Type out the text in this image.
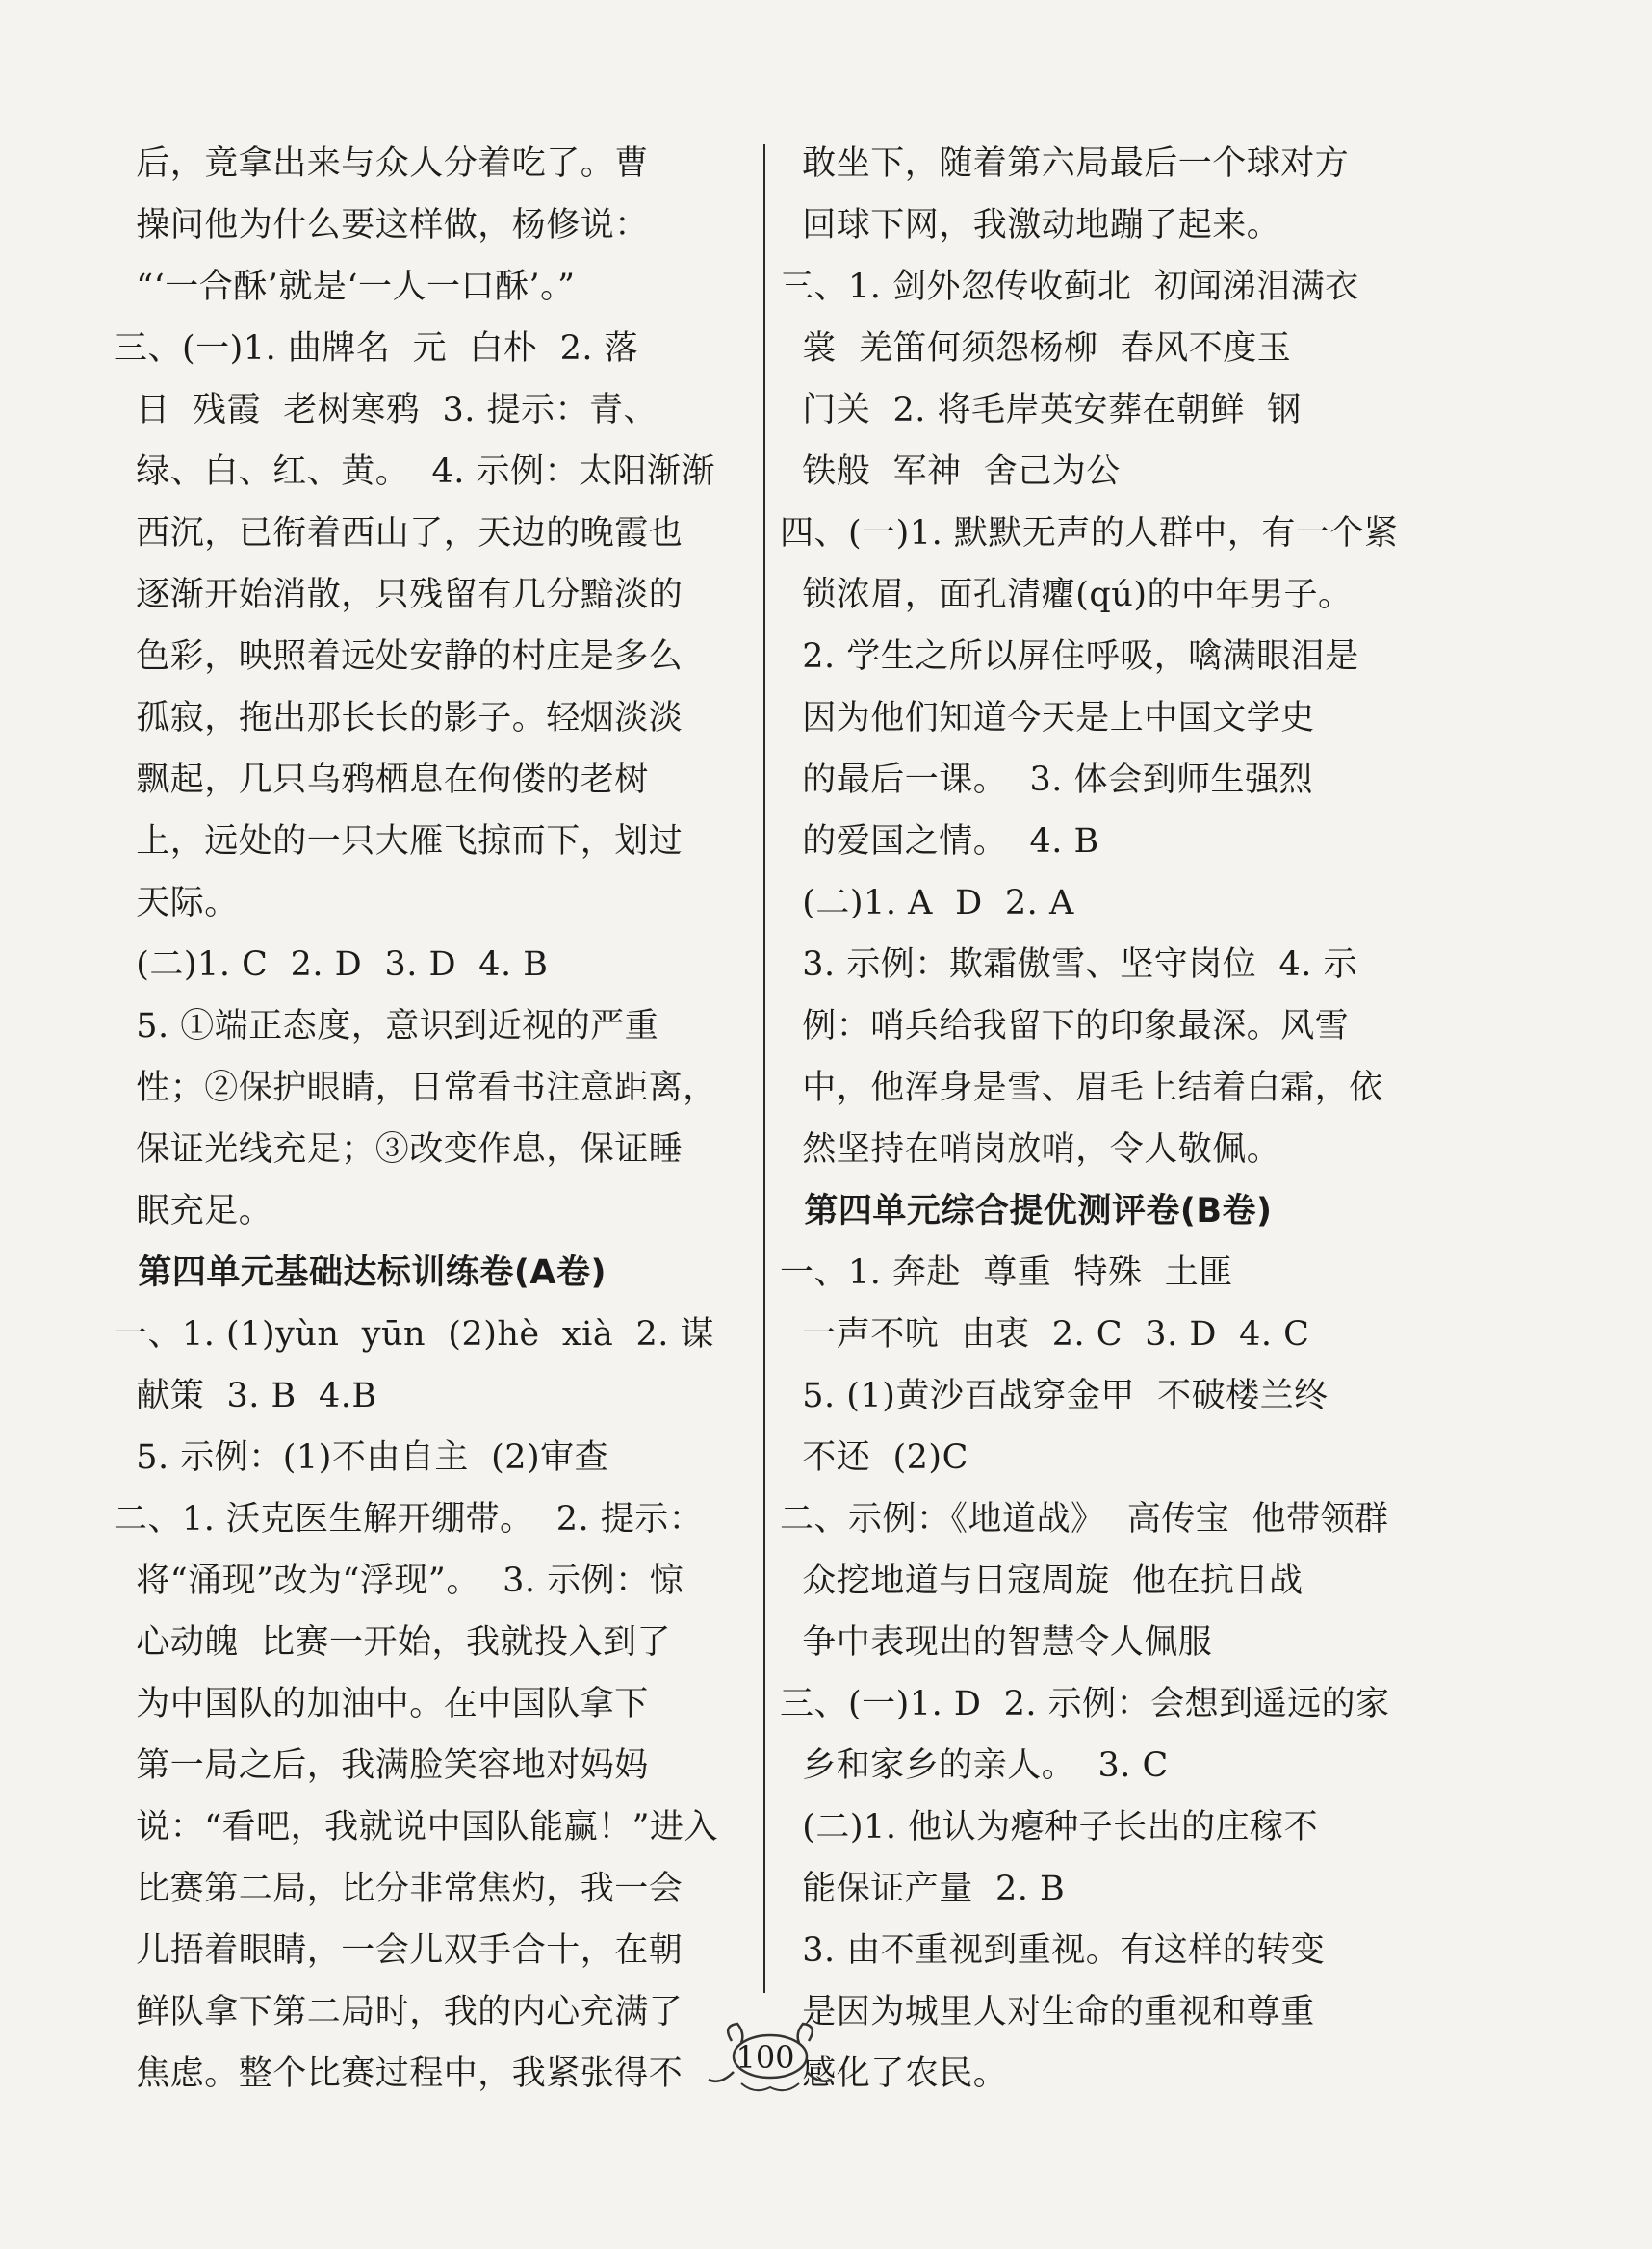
后，竟拿出来与众人分着吃了。曹
操问他为什么要这样做，杨修说：
“‘一合酥’就是‘一人一口酥’。”
三、(一)1. 曲牌名  元  白朴  2. 落
日  残霞  老树寒鸦  3. 提示：青、
绿、白、红、黄。  4. 示例：太阳渐渐
西沉，已衔着西山了，天边的晚霞也
逐渐开始消散，只残留有几分黯淡的
色彩，映照着远处安静的村庄是多么
孤寂，拖出那长长的影子。轻烟淡淡
飘起，几只乌鸦栖息在佝偻的老树
上，远处的一只大雁飞掠而下，划过
天际。
(二)1. C  2. D  3. D  4. B
5. ①端正态度，意识到近视的严重
性；②保护眼睛，日常看书注意距离，
保证光线充足；③改变作息，保证睡
眠充足。
第四单元基础达标训练卷(A卷)
一、1. (1)yùn  yūn  (2)hè  xià  2. 谋
献策  3. B  4.B
5. 示例：(1)不由自主  (2)审查
二、1. 沃克医生解开绷带。  2. 提示：
将“涌现”改为“浮现”。  3. 示例：惊
心动魄  比赛一开始，我就投入到了
为中国队的加油中。在中国队拿下
第一局之后，我满脸笑容地对妈妈
说：“看吧，我就说中国队能赢！”进入
比赛第二局，比分非常焦灼，我一会
儿捂着眼睛，一会儿双手合十，在朝
鲜队拿下第二局时，我的内心充满了
焦虑。整个比赛过程中，我紧张得不
敢坐下，随着第六局最后一个球对方
回球下网，我激动地蹦了起来。
三、1. 剑外忽传收蓟北  初闻涕泪满衣
裳  羌笛何须怨杨柳  春风不度玉
门关  2. 将毛岸英安葬在朝鲜  钢
铁般  军神  舍己为公
四、(一)1. 默默无声的人群中，有一个紧
锁浓眉，面孔清癯(qú)的中年男子。
2. 学生之所以屏住呼吸，噙满眼泪是
因为他们知道今天是上中国文学史
的最后一课。  3. 体会到师生强烈
的爱国之情。  4. B
(二)1. A  D  2. A
3. 示例：欺霜傲雪、坚守岗位  4. 示
例：哨兵给我留下的印象最深。风雪
中，他浑身是雪、眉毛上结着白霜，依
然坚持在哨岗放哨，令人敬佩。
第四单元综合提优测评卷(B卷)
一、1. 奔赴  尊重  特殊  土匪
一声不吭  由衷  2. C  3. D  4. C
5. (1)黄沙百战穿金甲  不破楼兰终
不还  (2)C
二、示例：《地道战》  高传宝  他带领群
众挖地道与日寇周旋  他在抗日战
争中表现出的智慧令人佩服
三、(一)1. D  2. 示例：会想到遥远的家
乡和家乡的亲人。  3. C
(二)1. 他认为瘪种子长出的庄稼不
能保证产量  2. B
3. 由不重视到重视。有这样的转变
是因为城里人对生命的重视和尊重
感化了农民。
100
